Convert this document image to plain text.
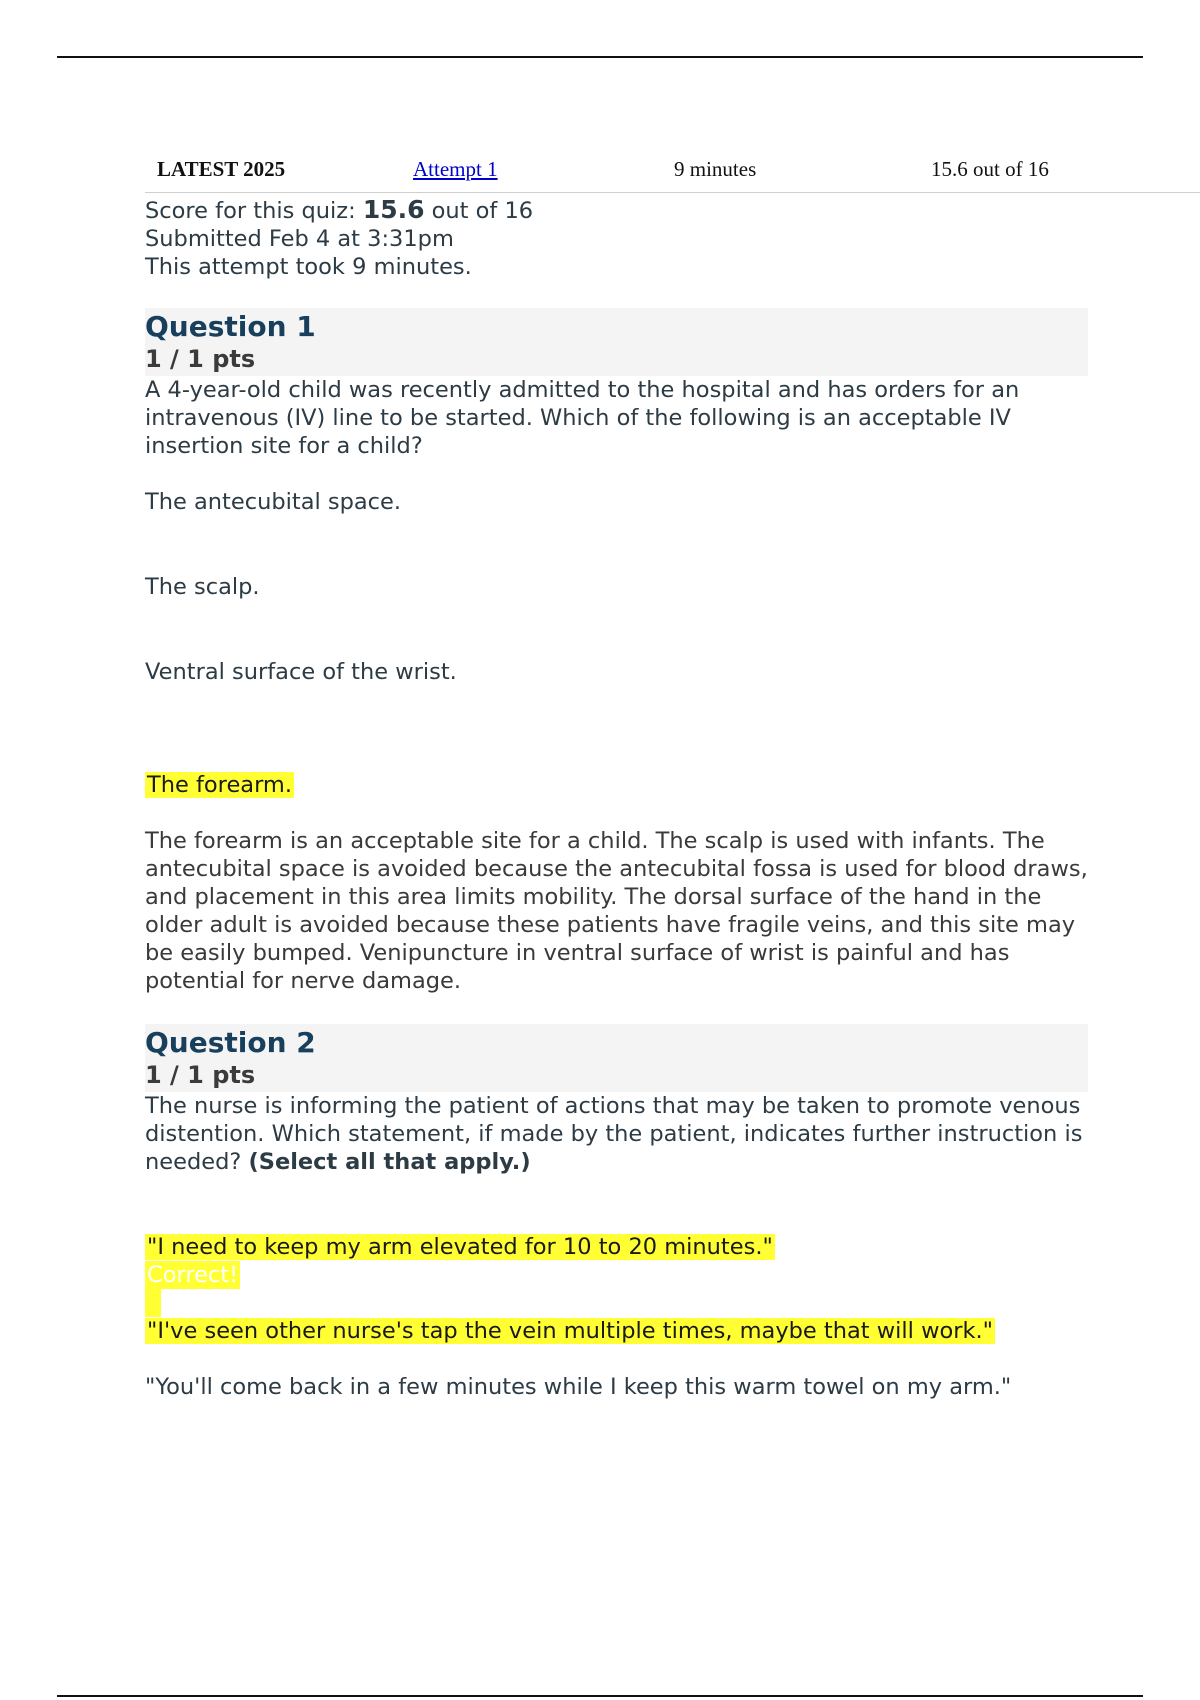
LATEST 2025	Attempt 1	9 minutes	15.6 out of 16
Score for this quiz: 15.6 out of 16
Submitted Feb 4 at 3:31pm
This attempt took 9 minutes.
Question 1
1 / 1 pts

A 4-year-old child was recently admitted to the hospital and has orders for an intravenous (IV) line to be started. Which of the following is an acceptable IV insertion site for a child?

The antecubital space.
The scalp.
Ventral surface of the wrist.
The forearm.

The forearm is an acceptable site for a child. The scalp is used with infants. The antecubital space is avoided because the antecubital fossa is used for blood draws, and placement in this area limits mobility. The dorsal surface of the hand in the older adult is avoided because these patients have fragile veins, and this site may be easily bumped. Venipuncture in ventral surface of wrist is painful and has potential for nerve damage.

Question 2
1 / 1 pts

The nurse is informing the patient of actions that may be taken to promote venous distention. Which statement, if made by the patient, indicates further instruction is needed? (Select all that apply.)

"I need to keep my arm elevated for 10 to 20 minutes."
Correct!
"I've seen other nurse's tap the vein multiple times, maybe that will work."
"You'll come back in a few minutes while I keep this warm towel on my arm."
